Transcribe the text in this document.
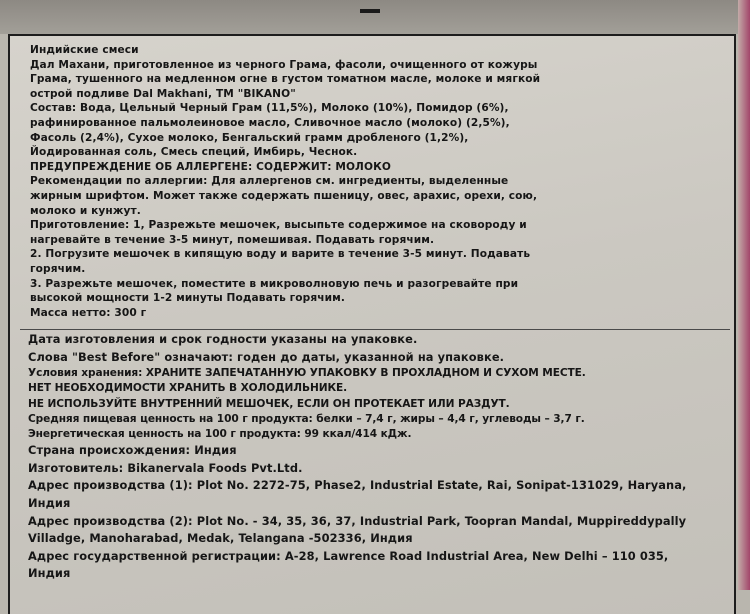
Индийские смеси
Дал Махани, приготовленное из черного Грама, фасоли, очищенного от кожуры
Грама, тушенного на медленном огне в густом томатном масле, молоке и мягкой
острой подливе Dal Makhani, ТМ "BIKANO"
Состав: Вода, Цельный Черный Грам (11,5%), Молоко (10%), Помидор (6%),
рафинированное пальмолеиновое масло, Сливочное масло (молоко) (2,5%),
Фасоль (2,4%), Сухое молоко, Бенгальский грамм дробленого (1,2%),
Йодированная соль, Смесь специй, Имбирь, Чеснок.
ПРЕДУПРЕЖДЕНИЕ ОБ АЛЛЕРГЕНЕ: СОДЕРЖИТ: МОЛОКО
Рекомендации по аллергии: Для аллергенов см. ингредиенты, выделенные
жирным шрифтом. Может также содержать пшеницу, овес, арахис, орехи, сою,
молоко и кунжут.
Приготовление: 1, Разрежьте мешочек, высыпьте содержимое на сковороду и
нагревайте в течение 3-5 минут, помешивая. Подавать горячим.
2. Погрузите мешочек в кипящую воду и варите в течение 3-5 минут. Подавать
горячим.
3. Разрежьте мешочек, поместите в микроволновую печь и разогревайте при
высокой мощности 1-2 минуты Подавать горячим.
Масса нетто: 300 г
Дата изготовления и срок годности указаны на упаковке.
Слова "Best Before" означают: годен до даты, указанной на упаковке.
Условия хранения: ХРАНИТЕ ЗАПЕЧАТАННУЮ УПАКОВКУ В ПРОХЛАДНОМ И СУХОМ МЕСТЕ.
НЕТ НЕОБХОДИМОСТИ ХРАНИТЬ В ХОЛОДИЛЬНИКЕ.
НЕ ИСПОЛЬЗУЙТЕ ВНУТРЕННИЙ МЕШОЧЕК, ЕСЛИ ОН ПРОТЕКАЕТ ИЛИ РАЗДУТ.
Средняя пищевая ценность на 100 г продукта: белки – 7,4 г, жиры – 4,4 г, углеводы – 3,7 г.
Энергетическая ценность на 100 г продукта: 99 ккал/414 кДж.
Страна происхождения: Индия
Изготовитель: Bikanervala Foods Pvt.Ltd.
Адрес производства (1): Plot No. 2272-75, Phase2, Industrial Estate, Rai, Sonipat-131029, Haryana,
Индия
Адрес производства (2): Plot No. - 34, 35, 36, 37, Industrial Park, Toopran Mandal, Muppireddypally
Villadge, Manoharabad, Medak, Telangana -502336, Индия
Адрес государственной регистрации: A-28, Lawrence Road Industrial Area, New Delhi – 110 035,
Индия
